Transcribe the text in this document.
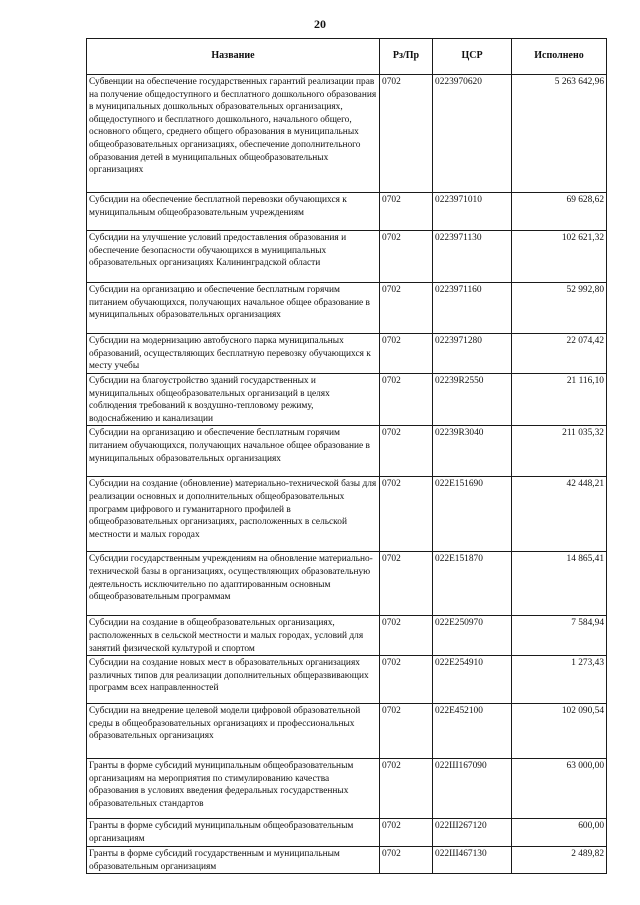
20
Название	Рз/Пр	ЦСР	Исполнено
Субвенции на обеспечение государственных гарантий реализации прав на получение общедоступного и бесплатного дошкольного образования в муниципальных дошкольных образовательных организациях, общедоступного и бесплатного дошкольного, начального общего, основного общего, среднего общего образования в муниципальных общеобразовательных организациях, обеспечение дополнительного образования детей в муниципальных общеобразовательных организациях	0702	0223970620	5 263 642,96
Субсидии на обеспечение бесплатной перевозки обучающихся к муниципальным общеобразовательным учреждениям	0702	0223971010	69 628,62
Субсидии на улучшение условий предоставления образования и обеспечение безопасности обучающихся в муниципальных образовательных организациях Калининградской области	0702	0223971130	102 621,32
Субсидии на организацию и обеспечение бесплатным горячим питанием обучающихся, получающих начальное общее образование в муниципальных образовательных организациях	0702	0223971160	52 992,80
Субсидии на модернизацию автобусного парка муниципальных образований, осуществляющих бесплатную перевозку обучающихся к месту учебы	0702	0223971280	22 074,42
Субсидии на благоустройство зданий государственных и муниципальных общеобразовательных организаций в целях соблюдения требований к воздушно-тепловому режиму, водоснабжению и канализации	0702	02239R2550	21 116,10
Субсидии на организацию и обеспечение бесплатным горячим питанием обучающихся, получающих начальное общее образование в муниципальных образовательных организациях	0702	02239R3040	211 035,32
Субсидии на создание (обновление) материально-технической базы для реализации основных и дополнительных общеобразовательных программ цифрового и гуманитарного профилей в общеобразовательных организациях, расположенных в сельской местности и малых городах	0702	022E151690	42 448,21
Субсидии государственным учреждениям на обновление материально-технической базы в организациях, осуществляющих образовательную деятельность исключительно по адаптированным основным общеобразовательным программам	0702	022E151870	14 865,41
Субсидии на создание в общеобразовательных организациях, расположенных в сельской местности и малых городах, условий для занятий физической культурой и спортом	0702	022E250970	7 584,94
Субсидии на создание новых мест в образовательных организациях различных типов для реализации дополнительных общеразвивающих программ всех направленностей	0702	022E254910	1 273,43
Субсидии на внедрение целевой модели цифровой образовательной среды в общеобразовательных организациях и профессиональных образовательных организациях	0702	022E452100	102 090,54
Гранты в форме субсидий муниципальным общеобразовательным организациям на мероприятия по стимулированию качества образования в условиях введения федеральных государственных образовательных стандартов	0702	022Ш167090	63 000,00
Гранты в форме субсидий муниципальным общеобразовательным организациям	0702	022Ш267120	600,00
Гранты в форме субсидий государственным и муниципальным образовательным организациям	0702	022Ш467130	2 489,82
